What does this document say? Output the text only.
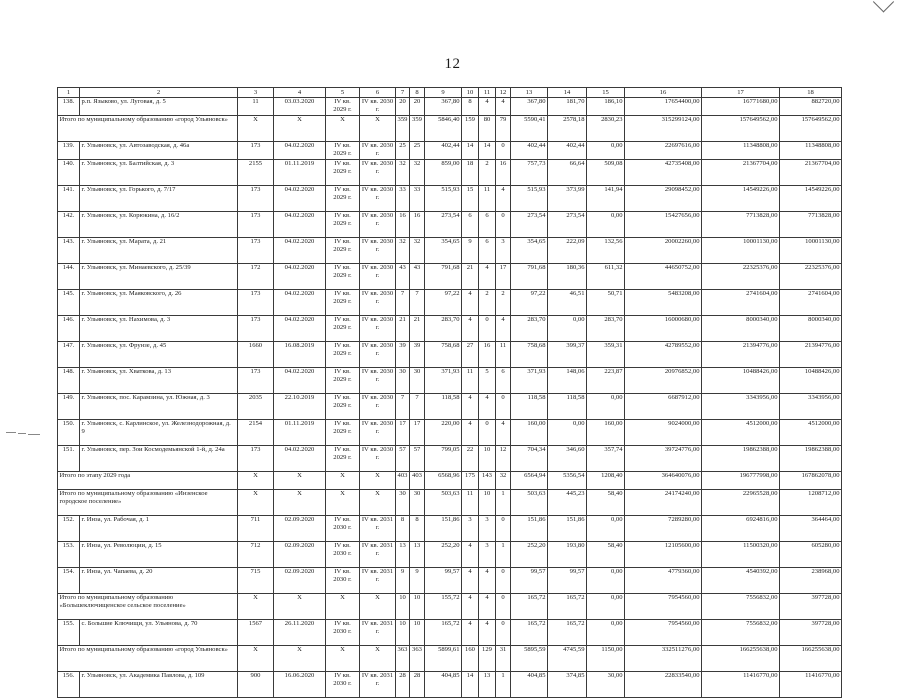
12
1	2	3	4	5	6	7	8	9	10	11	12	13	14	15	16	17	18
138.	р.п. Языково, ул. Луговая, д. 5	11	03.03.2020	IV кв. 2029 г.	IV кв. 2030 г.	20	20	367,80	8	4	4	367,80	181,70	186,10	17654400,00	16771680,00	882720,00
Итого по муниципальному образованию «город Ульяновск»		X	X	X	X	359	359	5846,40	159	80	79	5590,41	2578,18	2830,23	315299124,00	157649562,00	157649562,00
139.	г. Ульяновск, ул. Автозаводская, д. 46а	173	04.02.2020	IV кв. 2029 г.	IV кв. 2030 г.	25	25	402,44	14	14	0	402,44	402,44	0,00	22697616,00	11348808,00	11348808,00
140.	г. Ульяновск, ул. Балтийская, д. 3	2155	01.11.2019	IV кв. 2029 г.	IV кв. 2030 г.	32	32	859,00	18	2	16	757,73	66,64	509,08	42735408,00	21367704,00	21367704,00
141.	г. Ульяновск, ул. Горького, д. 7/17	173	04.02.2020	IV кв. 2029 г.	IV кв. 2030 г.	33	33	515,93	15	11	4	515,93	373,99	141,94	29098452,00	14549226,00	14549226,00
142.	г. Ульяновск, ул. Корюкина, д. 16/2	173	04.02.2020	IV кв. 2029 г.	IV кв. 2030 г.	16	16	273,54	6	6	0	273,54	273,54	0,00	15427656,00	7713828,00	7713828,00
143.	г. Ульяновск, ул. Марата, д. 21	173	04.02.2020	IV кв. 2029 г.	IV кв. 2030 г.	32	32	354,65	9	6	3	354,65	222,09	132,56	20002260,00	10001130,00	10001130,00
144.	г. Ульяновск, ул. Минаевского, д. 25/39	172	04.02.2020	IV кв. 2029 г.	IV кв. 2030 г.	43	43	791,68	21	4	17	791,68	180,36	611,32	44650752,00	22325376,00	22325376,00
145.	г. Ульяновск, ул. Маяковского, д. 26	173	04.02.2020	IV кв. 2029 г.	IV кв. 2030 г.	7	7	97,22	4	2	2	97,22	46,51	50,71	5483208,00	2741604,00	2741604,00
146.	г. Ульяновск, ул. Нахимова, д. 3	173	04.02.2020	IV кв. 2029 г.	IV кв. 2030 г.	21	21	283,70	4	0	4	283,70	0,00	283,70	16000680,00	8000340,00	8000340,00
147.	г. Ульяновск, ул. Фрунзе, д. 45	1660	16.08.2019	IV кв. 2029 г.	IV кв. 2030 г.	39	39	758,68	27	16	11	758,68	399,37	359,31	42789552,00	21394776,00	21394776,00
148.	г. Ульяновск, ул. Хваткова, д. 13	173	04.02.2020	IV кв. 2029 г.	IV кв. 2030 г.	30	30	371,93	11	5	6	371,93	148,06	223,87	20976852,00	10488426,00	10488426,00
149.	г. Ульяновск, пос. Карамзина, ул. Южная, д. 3	2035	22.10.2019	IV кв. 2029 г.	IV кв. 2030 г.	7	7	118,58	4	4	0	118,58	118,58	0,00	6687912,00	3343956,00	3343956,00
150.	г. Ульяновск, с. Карлинское, ул. Железнодорожная, д. 9	2154	01.11.2019	IV кв. 2029 г.	IV кв. 2030 г.	17	17	220,00	4	0	4	160,00	0,00	160,00	9024000,00	4512000,00	4512000,00
151.	г. Ульяновск, пер. Зои Космодемьянской 1-й, д. 24а	173	04.02.2020	IV кв. 2029 г.	IV кв. 2030 г.	57	57	799,05	22	10	12	704,34	346,60	357,74	39724776,00	19862388,00	19862388,00
Итого по этапу 2029 года		X	X	X	X	403	403	6568,96	175	143	32	6564,94	5356,54	1208,40	364640076,00	196777998,00	167862078,00
Итого по муниципальному образованию «Инзенское городское поселение»		X	X	X	X	30	30	503,63	11	10	1	503,63	445,23	58,40	24174240,00	22965528,00	1208712,00
152.	г. Инза, ул. Рабочая, д. 1	711	02.09.2020	IV кв. 2030 г.	IV кв. 2031 г.	8	8	151,86	3	3	0	151,86	151,86	0,00	7289280,00	6924816,00	364464,00
153.	г. Инза, ул. Революции, д. 15	712	02.09.2020	IV кв. 2030 г.	IV кв. 2031 г.	13	13	252,20	4	3	1	252,20	193,80	58,40	12105600,00	11500320,00	605280,00
154.	г. Инза, ул. Чапаева, д. 20	715	02.09.2020	IV кв. 2030 г.	IV кв. 2031 г.	9	9	99,57	4	4	0	99,57	99,57	0,00	4779360,00	4540392,00	238968,00
Итого по муниципальному образованию «Большеключищенское сельское поселение»		X	X	X	X	10	10	155,72	4	4	0	165,72	165,72	0,00	7954560,00	7556832,00	397728,00
155.	с. Большие Ключищи, ул. Ульянова, д. 70	1567	26.11.2020	IV кв. 2030 г.	IV кв. 2031 г.	10	10	165,72	4	4	0	165,72	165,72	0,00	7954560,00	7556832,00	397728,00
Итого по муниципальному образованию «город Ульяновск»		X	X	X	X	363	363	5899,61	160	129	31	5895,59	4745,59	1150,00	332511276,00	166255638,00	166255638,00
156.	г. Ульяновск, ул. Академика Павлова, д. 109	900	16.06.2020	IV кв. 2030 г.	IV кв. 2031 г.	28	28	404,85	14	13	1	404,85	374,85	30,00	22833540,00	11416770,00	11416770,00
